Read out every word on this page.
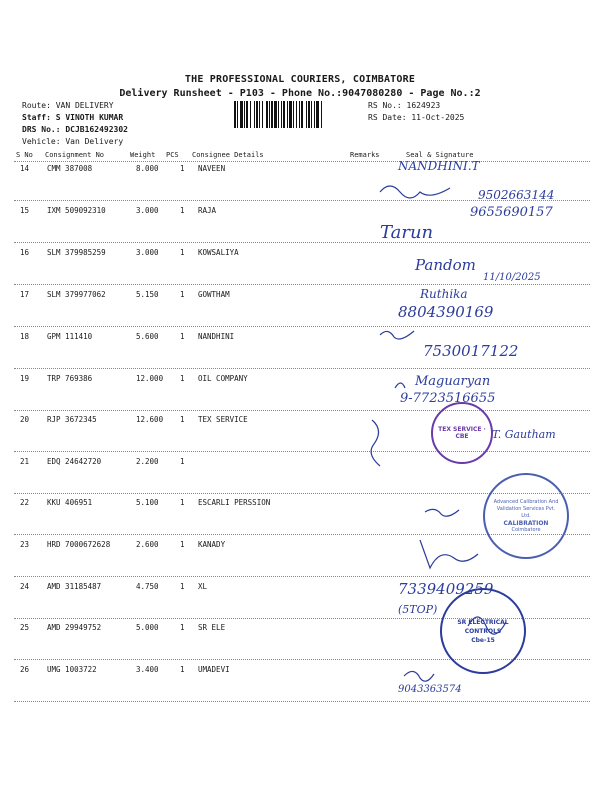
THE PROFESSIONAL COURIERS, COIMBATORE
Delivery Runsheet - P103 - Phone No.:9047080280 - Page No.:2
Route: VAN DELIVERY
Staff: S VINOTH KUMAR
DRS No.: DCJB162492302
Vehicle: Van Delivery
RS No.: 1624923
RS Date: 11-Oct-2025
S No Consignment No	Weight PCS Consignee Details	Remarks	Seal & Signature
14 CMM 387008	8.000	1 NAVEEN
15 IXM 509092310	3.000	1 RAJA
16 SLM 379985259	3.000	1 KOWSALIYA
17 SLM 379977062	5.150	1 GOWTHAM
18 GPM 111410	5.600	1 NANDHINI
19 TRP 769386	12.000 1 OIL COMPANY
20 RJP 3672345	12.600 1 TEX SERVICE
21 EDQ 24642720	2.200	1
22 KKU 406951	5.100	1 ESCARLI PERSSION
23 HRD 7000672628	2.600	1 KANADY
24 AMD 31185487	4.750	1 XL
25 AMD 29949752	5.000	1 SR ELE
26 UMG 1003722	3.400	1 UMADEVI
TEX SERVICE · CBE
Advanced Calibration And Validation Services Pvt. Ltd.
CALIBRATION
Coimbatore
SR ELECTRICAL CONTROLS
Cbe-15
NANDHINI.T
9502663144
9655690157
Tarun
Pandom
11/10/2025
Ruthika
8804390169
7530017122
Maguaryan
9-7723516655
T. Gautham
7339409259
(5TOP)
9043363574
